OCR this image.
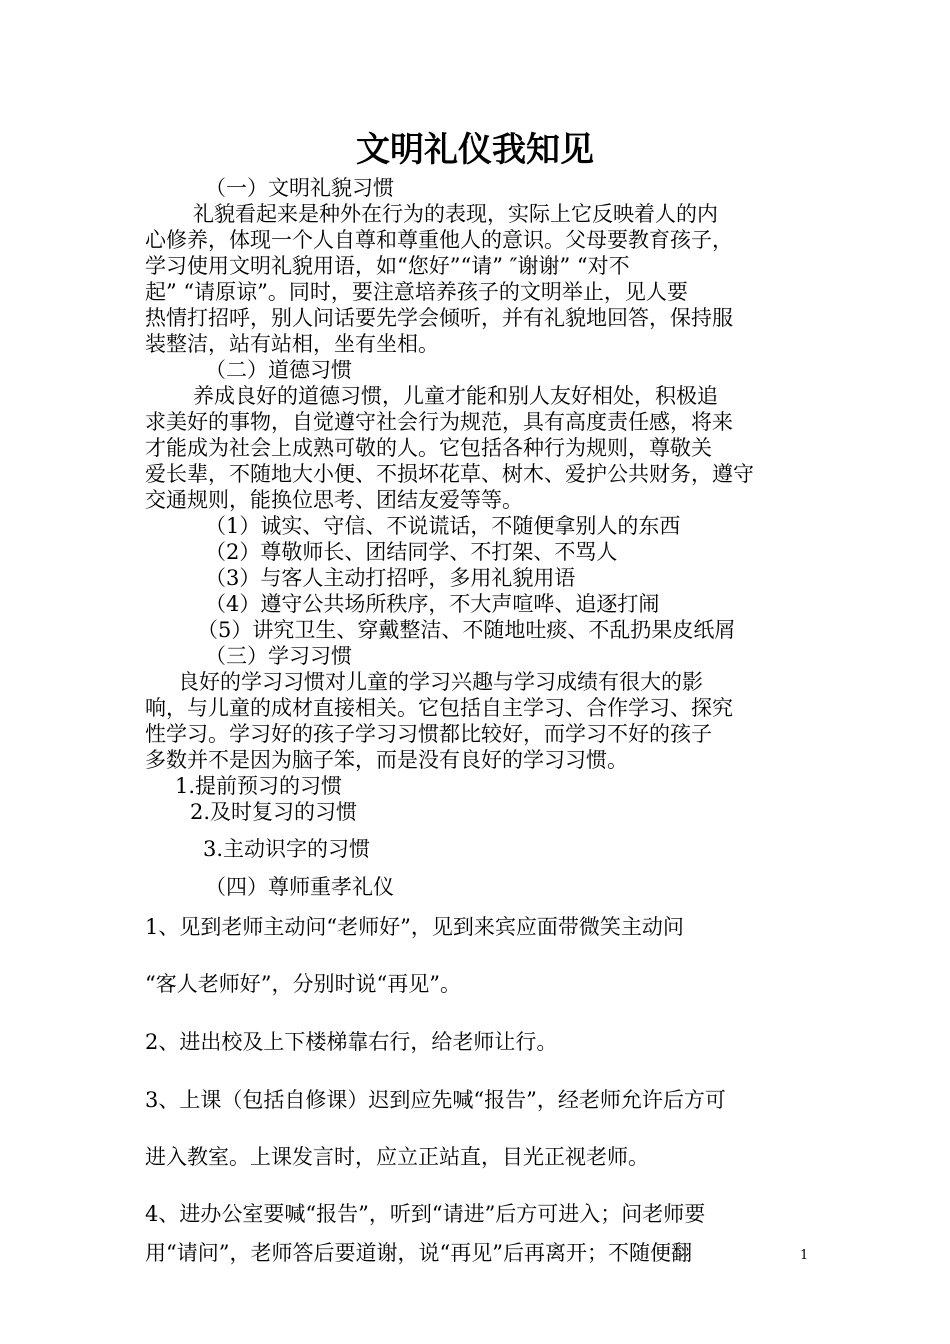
文明礼仪我知见
（一）文明礼貌习惯
礼貌看起来是种外在行为的表现，实际上它反映着人的内
心修养，体现一个人自尊和尊重他人的意识。父母要教育孩子，
学习使用文明礼貌用语，如“您好”“请” ″谢谢” “对不
起” “请原谅”。同时，要注意培养孩子的文明举止，见人要
热情打招呼，别人问话要先学会倾听，并有礼貌地回答，保持服
装整洁，站有站相，坐有坐相。
（二）道德习惯
养成良好的道德习惯，儿童才能和别人友好相处，积极追
求美好的事物，自觉遵守社会行为规范，具有高度责任感，将来
才能成为社会上成熟可敬的人。它包括各种行为规则，尊敬关
爱长辈，不随地大小便、不损坏花草、树木、爱护公共财务，遵守
交通规则，能换位思考、团结友爱等等。
（1）诚实、守信、不说谎话，不随便拿别人的东西
（2）尊敬师长、团结同学、不打架、不骂人
（3）与客人主动打招呼，多用礼貌用语
（4）遵守公共场所秩序，不大声喧哗、追逐打闹
（5）讲究卫生、穿戴整洁、不随地吐痰、不乱扔果皮纸屑
（三）学习习惯
良好的学习习惯对儿童的学习兴趣与学习成绩有很大的影
响，与儿童的成材直接相关。它包括自主学习、合作学习、探究
性学习。学习好的孩子学习习惯都比较好，而学习不好的孩子
多数并不是因为脑子笨，而是没有良好的学习习惯。
1.提前预习的习惯
2.及时复习的习惯
3.主动识字的习惯
（四）尊师重孝礼仪
1、见到老师主动问“老师好”，见到来宾应面带微笑主动问
“客人老师好”，分别时说“再见”。
2、进出校及上下楼梯靠右行，给老师让行。
3、上课（包括自修课）迟到应先喊“报告”，经老师允许后方可
进入教室。上课发言时，应立正站直，目光正视老师。
4、进办公室要喊“报告”，听到“请进”后方可进入；问老师要
用“请问”，老师答后要道谢，说“再见”后再离开；不随便翻	1
